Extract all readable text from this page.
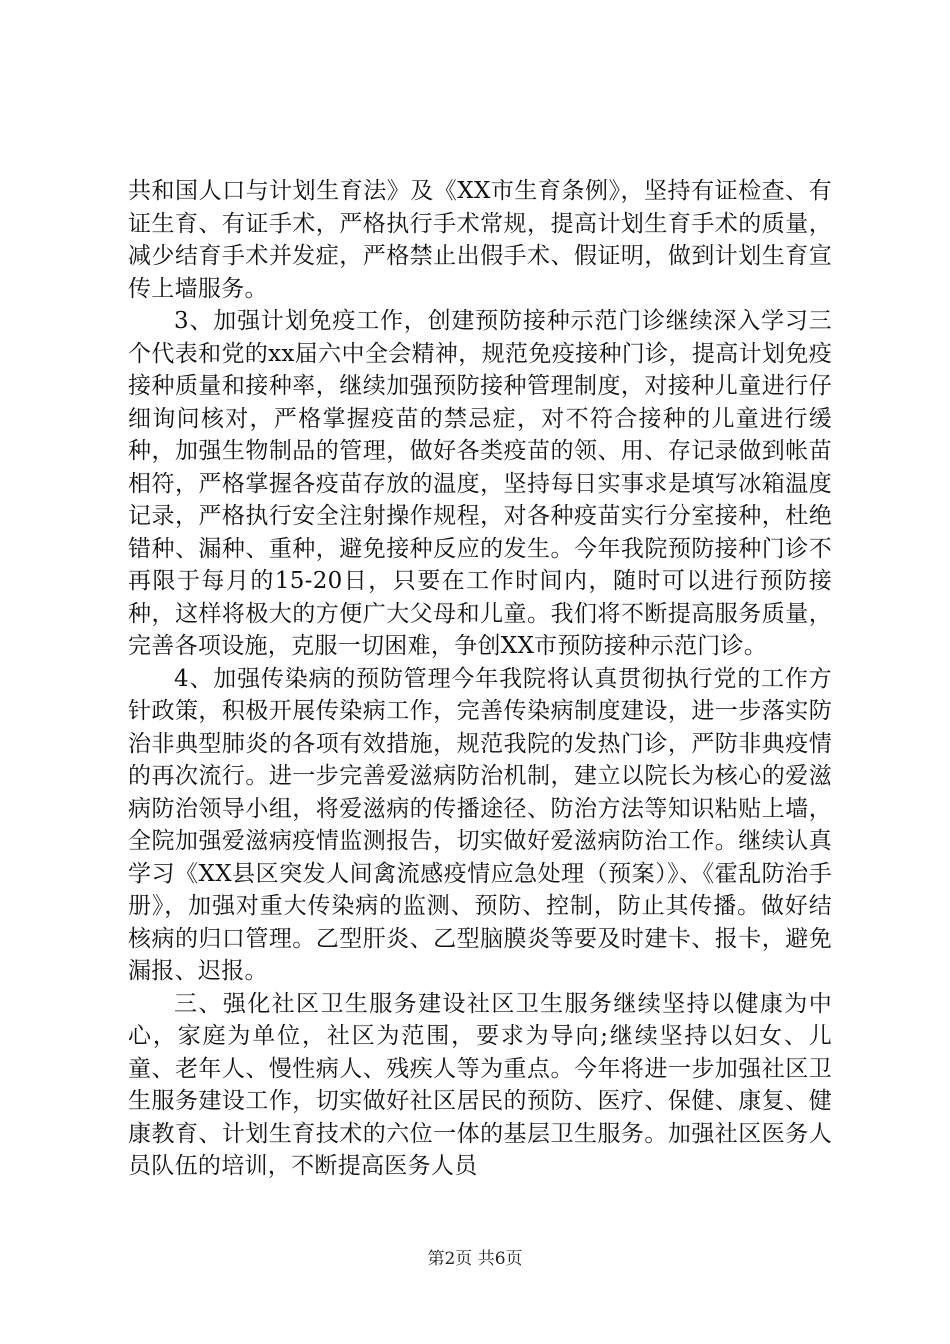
共和国人口与计划生育法》及《XX市生育条例》，坚持有证检查、有证生育、有证手术，严格执行手术常规，提高计划生育手术的质量，减少结育手术并发症，严格禁止出假手术、假证明，做到计划生育宣传上墙服务。

3、加强计划免疫工作，创建预防接种示范门诊继续深入学习三个代表和党的xx届六中全会精神，规范免疫接种门诊，提高计划免疫接种质量和接种率，继续加强预防接种管理制度，对接种儿童进行仔细询问核对，严格掌握疫苗的禁忌症，对不符合接种的儿童进行缓种，加强生物制品的管理，做好各类疫苗的领、用、存记录做到帐苗相符，严格掌握各疫苗存放的温度，坚持每日实事求是填写冰箱温度记录，严格执行安全注射操作规程，对各种疫苗实行分室接种，杜绝错种、漏种、重种，避免接种反应的发生。今年我院预防接种门诊不再限于每月的15-20日，只要在工作时间内，随时可以进行预防接种，这样将极大的方便广大父母和儿童。我们将不断提高服务质量，完善各项设施，克服一切困难，争创XX市预防接种示范门诊。

4、加强传染病的预防管理今年我院将认真贯彻执行党的工作方针政策，积极开展传染病工作，完善传染病制度建设，进一步落实防治非典型肺炎的各项有效措施，规范我院的发热门诊，严防非典疫情的再次流行。进一步完善爱滋病防治机制，建立以院长为核心的爱滋病防治领导小组，将爱滋病的传播途径、防治方法等知识粘贴上墙，全院加强爱滋病疫情监测报告，切实做好爱滋病防治工作。继续认真学习《XX县区突发人间禽流感疫情应急处理（预案）》、《霍乱防治手册》，加强对重大传染病的监测、预防、控制，防止其传播。做好结核病的归口管理。乙型肝炎、乙型脑膜炎等要及时建卡、报卡，避免漏报、迟报。

三、强化社区卫生服务建设社区卫生服务继续坚持以健康为中心，家庭为单位，社区为范围，要求为导向;继续坚持以妇女、儿童、老年人、慢性病人、残疾人等为重点。今年将进一步加强社区卫生服务建设工作，切实做好社区居民的预防、医疗、保健、康复、健康教育、计划生育技术的六位一体的基层卫生服务。加强社区医务人员队伍的培训，不断提高医务人员

第2页 共6页
